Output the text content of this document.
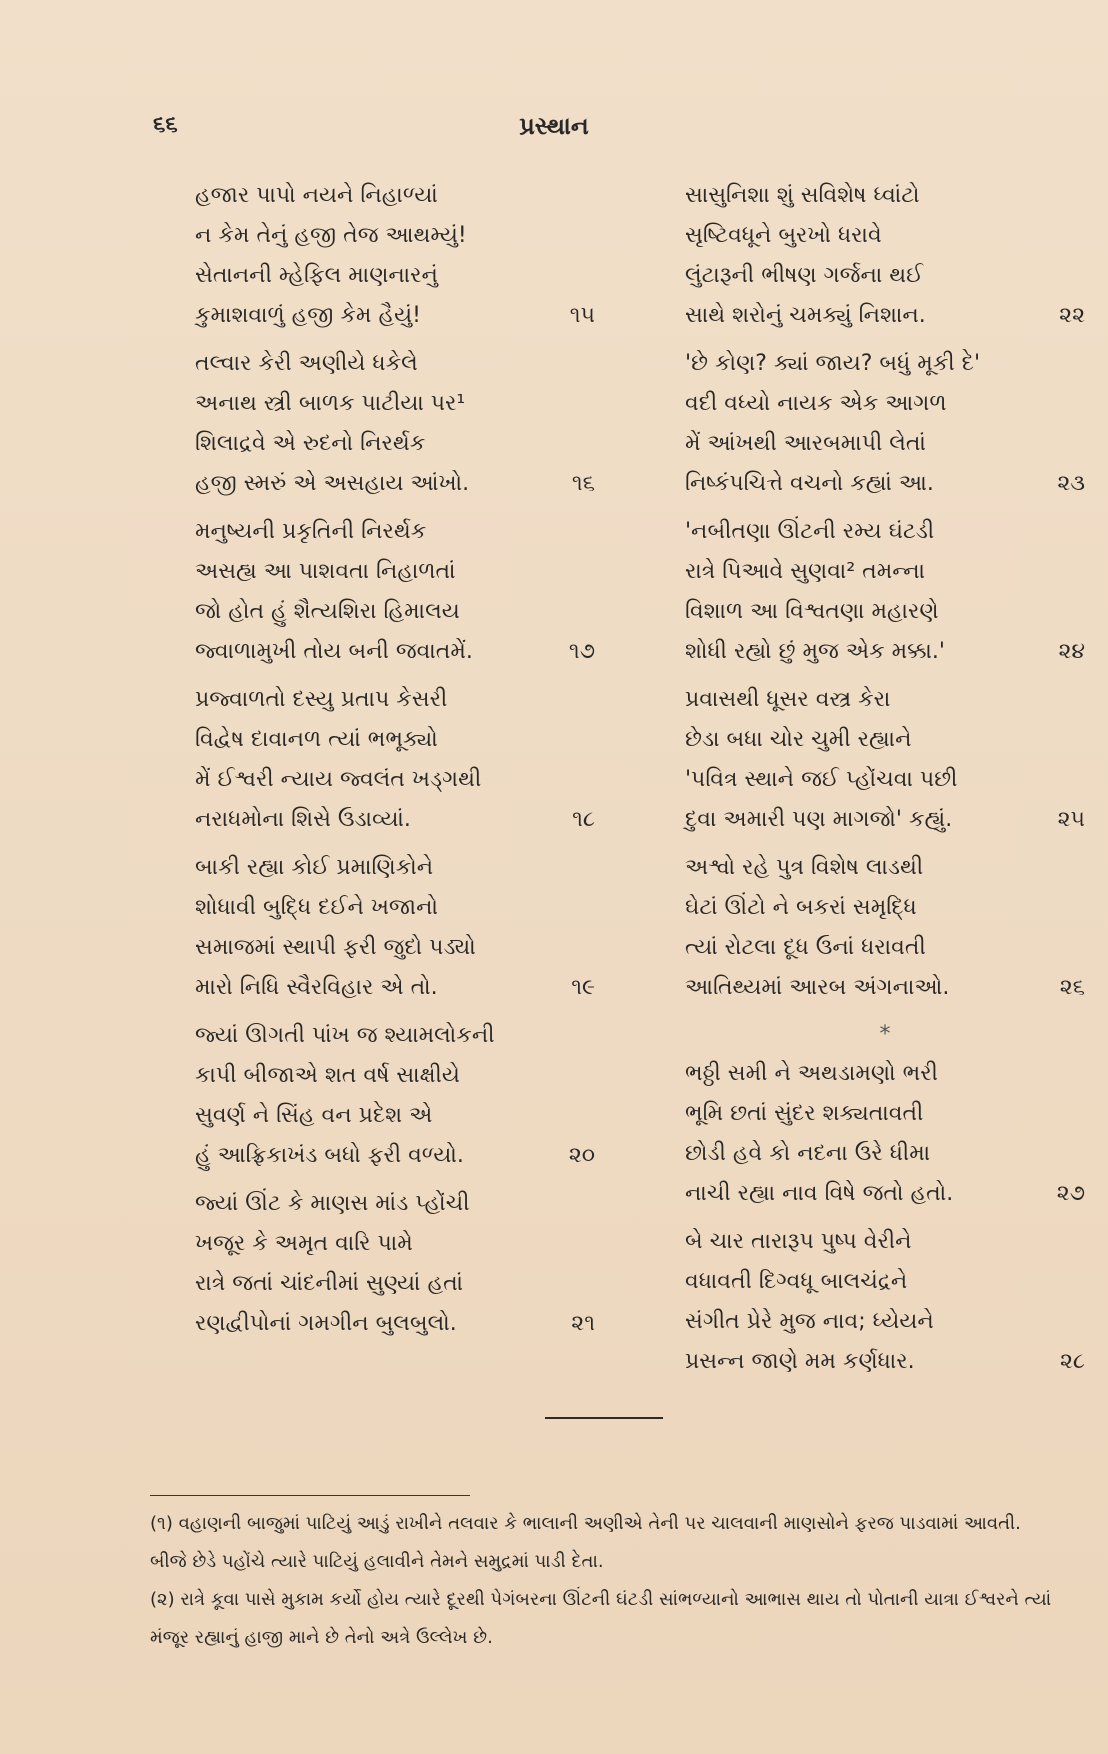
૬૬	પ્રસ્થાન
હજાર પાપો નયને નિહાળ્યાં
ન કેમ તેનું હજી તેજ આથમ્યું!
સેતાનની મ્હેફિલ માણનારનું
કુમાશવાળું હજી કેમ હૈયું!	૧૫
તલ્વાર કેરી અણીયે ધકેલે
અનાથ સ્ત્રી બાળક પાટીયા પર¹
શિલાદ્રવે એ રુદનો નિરર્થક
હજી સ્મરું એ અસહાય આંખો.	૧૬
મનુષ્યની પ્રકૃતિની નિરર્થક
અસહ્ય આ પાશવતા નિહાળતાં
જો હોત હું શૈત્યશિરા હિમાલય
જ્વાળામુખી તોય બની જવાતમેં.	૧૭
પ્રજ્વાળતો દસ્યુ પ્રતાપ કેસરી
વિદ્વેષ દાવાનળ ત્યાં ભભૂક્યો
મેં ઈશ્વરી ન્યાય જ્વલંત ખડ્ગથી
નરાધમોના શિસે ઉડાવ્યાં.	૧૮
બાકી રહ્યા કોઈ પ્રમાણિકોને
શોધાવી બુદ્ધિ દઈને ખજાનો
સમાજમાં સ્થાપી ફરી જુદો પડ્યો
મારો નિધિ સ્વૈરવિહાર એ તો.	૧૯
જ્યાં ઊગતી પાંખ જ શ્યામલોકની
કાપી બીજાએ શત વર્ષ સાક્ષીયે
સુવર્ણ ને સિંહ વન પ્રદેશ એ
હું આફ્રિકાખંડ બધો ફરી વળ્યો.	૨૦
જ્યાં ઊંટ કે માણસ માંડ પ્હોંચી
ખજૂર કે અમૃત વારિ પામે
રાત્રે જતાં ચાંદનીમાં સુણ્યાં હતાં
રણદ્વીપોનાં ગમગીન બુલબુલો.	૨૧
સાસુનિશા શું સવિશેષ ધ્વાંટો
સૃષ્ટિવધૂને બુરખો ધરાવે
લુંટારૂની ભીષણ ગર્જના થઈ
સાથે શરોનું ચમક્યું નિશાન.	૨૨
'છે કોણ? ક્યાં જાય? બધું મૂકી દે'
વદી વધ્યો નાયક એક આગળ
મેં આંખથી આરબમાપી લેતાં
નિષ્કંપચિત્તે વચનો કહ્યાં આ.	૨૩
'નબીતણા ઊંટની રમ્ય ઘંટડી
રાત્રે પિઆવે સુણવા² તમન્ના
વિશાળ આ વિશ્વતણા મહારણે
શોધી રહ્યો છું મુજ એક મક્કા.'	૨૪
પ્રવાસથી ધૂસર વસ્ત્ર કેરા
છેડા બધા ચોર ચુમી રહ્યાને
'પવિત્ર સ્થાને જઈ પ્હોંચવા પછી
દુવા અમારી પણ માગજો' કહ્યું.	૨૫
અશ્વો રહે પુત્ર વિશેષ લાડથી
ઘેટાં ઊંટો ને બકરાં સમૃદ્ધિ
ત્યાં રોટલા દૂધ ઉનાં ધરાવતી
આતિથ્યમાં આરબ અંગનાઓ.	૨૬
*
ભઠ્ઠી સમી ને અથડામણો ભરી
ભૂમિ છતાં સુંદર શક્યતાવતી
છોડી હવે કો નદના ઉરે ધીમા
નાચી રહ્યા નાવ વિષે જતો હતો.	૨૭
બે ચાર તારારૂપ પુષ્પ વેરીને
વધાવતી દિગ્વધૂ બાલચંદ્રને
સંગીત પ્રેરે મુજ નાવ; ધ્યેયને
પ્રસન્ન જાણે મમ કર્ણધાર.	૨૮

(૧) વહાણની બાજુમાં પાટિયું આડું રાખીને તલવાર કે ભાલાની અણીએ તેની પર ચાલવાની માણસોને ફરજ પાડવામાં આવતી. બીજે છેડે પહોંચે ત્યારે પાટિયું હલાવીને તેમને સમુદ્રમાં પાડી દેતા.

(૨) રાત્રે કૂવા પાસે મુકામ કર્યો હોય ત્યારે દૂરથી પેગંબરના ઊંટની ઘંટડી સાંભળ્યાનો આભાસ થાય તો પોતાની યાત્રા ઈશ્વરને ત્યાં મંજૂર રહ્યાનું હાજી માને છે તેનો અત્રે ઉલ્લેખ છે.
